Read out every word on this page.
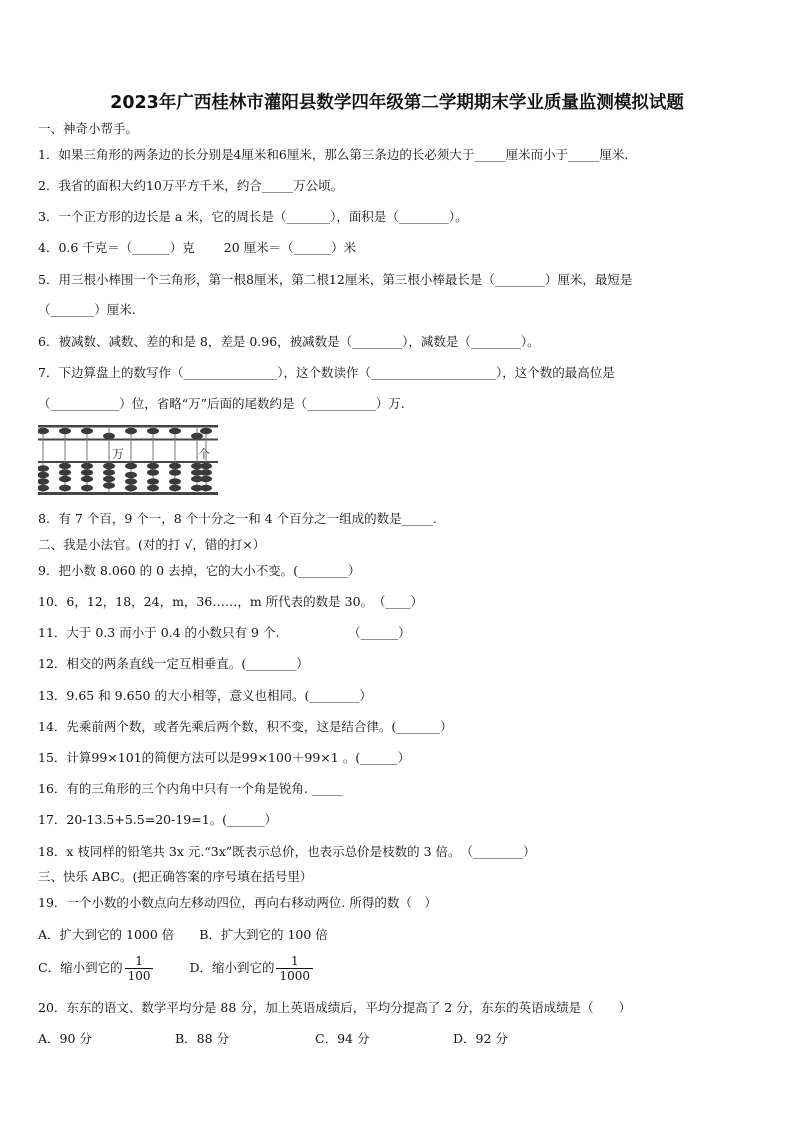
2023年广西桂林市灌阳县数学四年级第二学期期末学业质量监测模拟试题
一、神奇小帮手。
1．如果三角形的两条边的长分别是4厘米和6厘米，那么第三条边的长必须大于_____厘米而小于_____厘米.
2．我省的面积大约10万平方千米，约合_____万公顷。
3．一个正方形的边长是 a 米，它的周长是（_______），面积是（________）。
4．0.6 千克＝（______）克　　 20 厘米＝（______）米
5．用三根小棒围一个三角形，第一根8厘米，第二根12厘米，第三根小棒最长是（________）厘米，最短是
（_______）厘米.
6．被减数、减数、差的和是 8，差是 0.96，被减数是（________），减数是（________）。
7．下边算盘上的数写作（_______________），这个数读作（____________________），这个数的最高位是
（___________）位，省略“万”后面的尾数约是（___________）万.
万	个
8．有 7 个百，9 个一，8 个十分之一和 4 个百分之一组成的数是_____.
二、我是小法官。(对的打 √，错的打×）
9．把小数 8.060 的 0 去掉，它的大小不变。(________）
10．6，12，18，24，m，36……，m 所代表的数是 30。　（____）
11．大于 0.3 而小于 0.4 的小数只有 9 个.　　　　　　（______）
12．相交的两条直线一定互相垂直。(________）
13．9.65 和 9.650 的大小相等，意义也相同。(________）
14．先乘前两个数，或者先乘后两个数，积不变，这是结合律。(_______）
15．计算99×101的简便方法可以是99×100＋99×1 。(______）
16．有的三角形的三个内角中只有一个角是锐角. _____
17．20-13.5+5.5=20-19=1。(______）
18．x 枝同样的铅笔共 3x 元.“3x”既表示总价，也表示总价是枝数的 3 倍。　（________）
三、快乐 ABC。(把正确答案的序号填在括号里）
19．一个小数的小数点向左移动四位，再向右移动两位. 所得的数（　）
A．扩大到它的 1000 倍　　B．扩大到它的 100 倍
C．缩小到它的 $\frac{1}{100}$	D．缩小到它的 $\frac{1}{1000}$
20．东东的语文、数学平均分是 88 分，加上英语成绩后，平均分提高了 2 分，东东的英语成绩是（　　）
A．90 分	B．88 分	C．94 分	D．92 分
